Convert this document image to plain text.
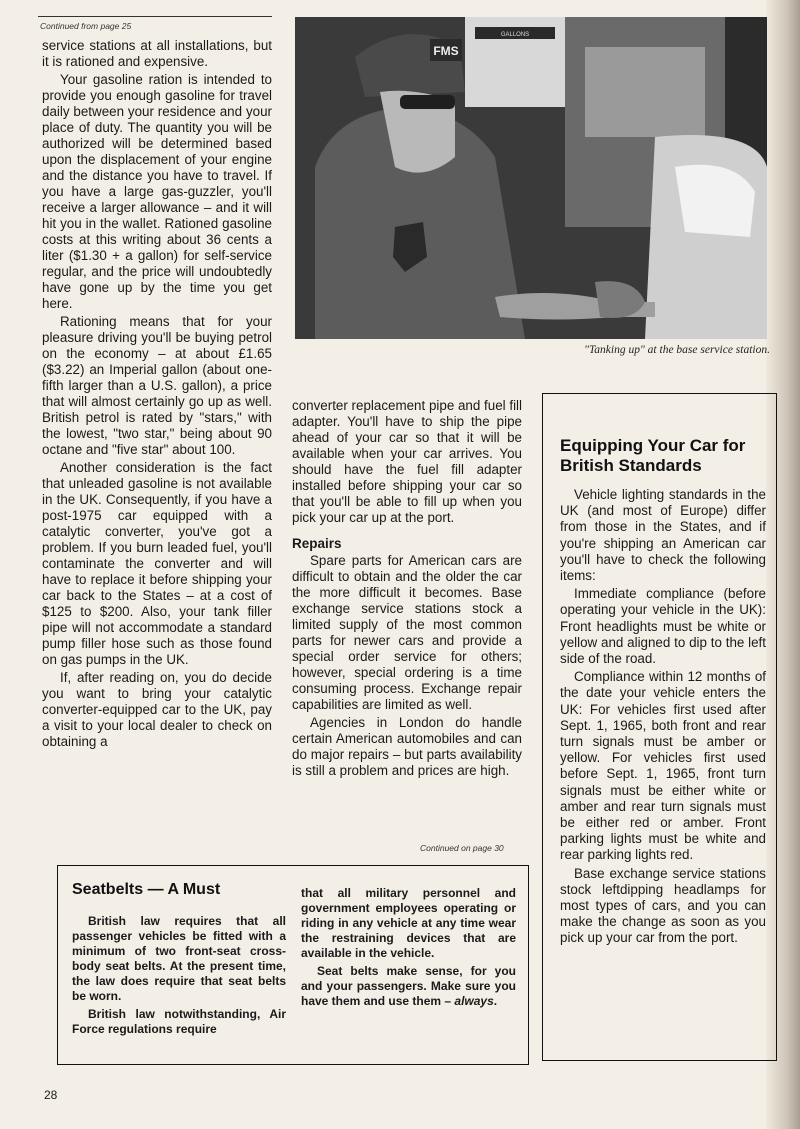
Continued from page 25

service stations at all installations, but it is rationed and expensive.

Your gasoline ration is intended to provide you enough gasoline for travel daily between your residence and your place of duty. The quantity you will be authorized will be determined based upon the displacement of your engine and the distance you have to travel. If you have a large gas-guzzler, you'll receive a larger allowance – and it will hit you in the wallet. Rationed gasoline costs at this writing about 36 cents a liter ($1.30 + a gallon) for self-service regular, and the price will undoubtedly have gone up by the time you get here.

Rationing means that for your pleasure driving you'll be buying petrol on the economy – at about £1.65 ($3.22) an Imperial gallon (about one-fifth larger than a U.S. gallon), a price that will almost certainly go up as well. British petrol is rated by "stars," with the lowest, "two star," being about 90 octane and "five star" about 100.

Another consideration is the fact that unleaded gasoline is not available in the UK. Consequently, if you have a post-1975 car equipped with a catalytic converter, you've got a problem. If you burn leaded fuel, you'll contaminate the converter and will have to replace it before shipping your car back to the States – at a cost of $125 to $200. Also, your tank filler pipe will not accommodate a standard pump filler hose such as those found on gas pumps in the UK.

If, after reading on, you do decide you want to bring your catalytic converter-equipped car to the UK, pay a visit to your local dealer to check on obtaining a

GALLONS
FMS
"Tanking up" at the base service station.

converter replacement pipe and fuel fill adapter. You'll have to ship the pipe ahead of your car so that it will be available when your car arrives. You should have the fuel fill adapter installed before shipping your car so that you'll be able to fill up when you pick your car up at the port.

Repairs

Spare parts for American cars are difficult to obtain and the older the car the more difficult it becomes. Base exchange service stations stock a limited supply of the most common parts for newer cars and provide a special order service for others; however, special ordering is a time consuming process. Exchange repair capabilities are limited as well.

Agencies in London do handle certain American automobiles and can do major repairs – but parts availability is still a problem and prices are high.

Continued on page 30
Equipping Your Car for British Standards

Vehicle lighting standards in the UK (and most of Europe) differ from those in the States, and if you're shipping an American car you'll have to check the following items:

Immediate compliance (before operating your vehicle in the UK): Front headlights must be white or yellow and aligned to dip to the left side of the road.

Compliance within 12 months of the date your vehicle enters the UK: For vehicles first used after Sept. 1, 1965, both front and rear turn signals must be amber or yellow. For vehicles first used before Sept. 1, 1965, front turn signals must be either white or amber and rear turn signals must be either red or amber. Front parking lights must be white and rear parking lights red.

Base exchange service stations stock leftdipping headlamps for most types of cars, and you can make the change as soon as you pick up your car from the port.

Seatbelts — A Must

British law requires that all passenger vehicles be fitted with a minimum of two front-seat cross-body seat belts. At the present time, the law does require that seat belts be worn.

British law notwithstanding, Air Force regulations require

that all military personnel and government employees operating or riding in any vehicle at any time wear the restraining devices that are available in the vehicle.

Seat belts make sense, for you and your passengers. Make sure you have them and use them – always.

28
